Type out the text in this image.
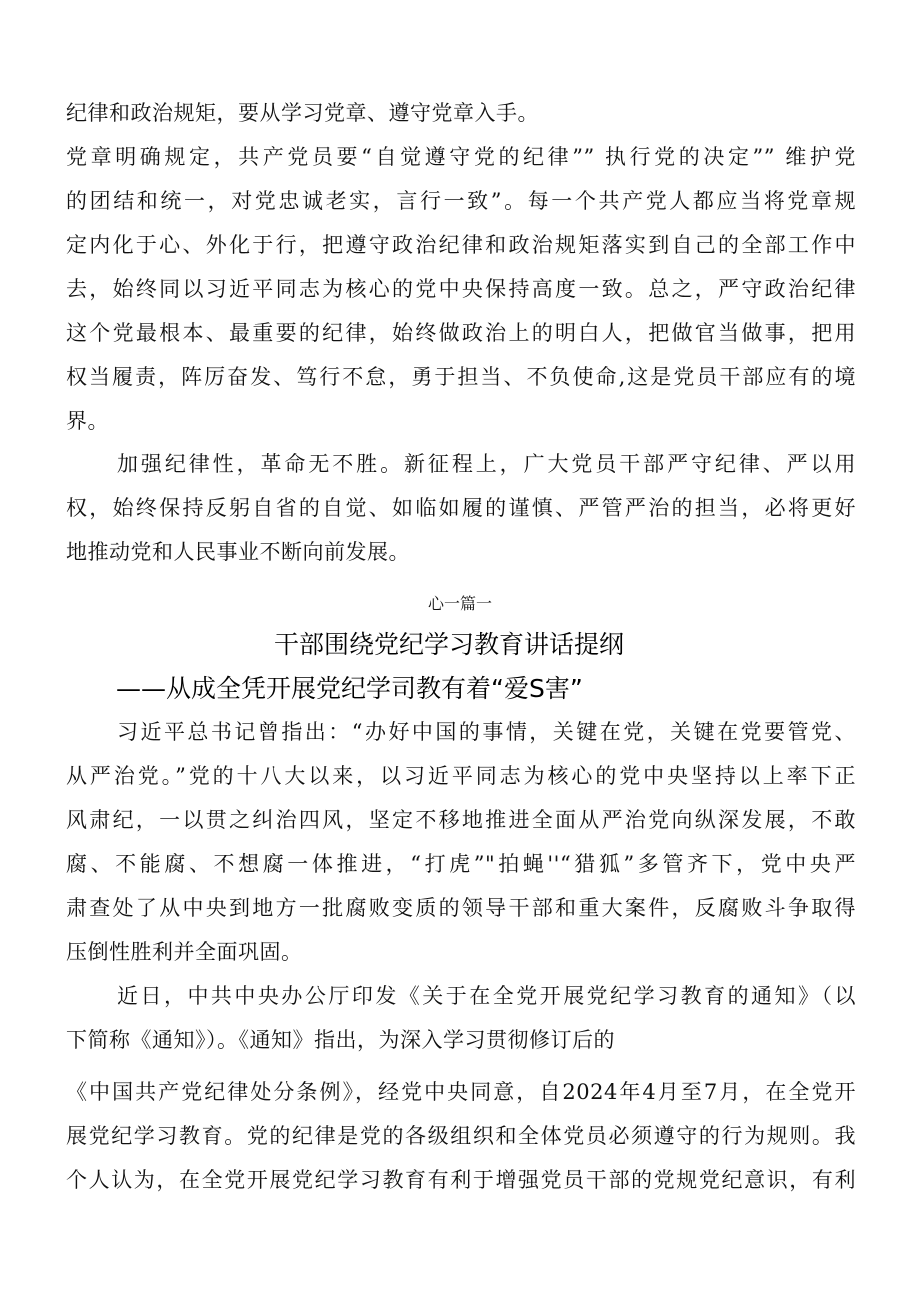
纪律和政治规矩，要从学习党章、遵守党章入手。
党章明确规定，共产党员要“自觉遵守党的纪律”” 执行党的决定”” 维护党
的团结和统一，对党忠诚老实，言行一致”。每一个共产党人都应当将党章规
定内化于心、外化于行，把遵守政治纪律和政治规矩落实到自己的全部工作中
去，始终同以习近平同志为核心的党中央保持高度一致。总之，严守政治纪律
这个党最根本、最重要的纪律，始终做政治上的明白人，把做官当做事，把用
权当履责，阵厉奋发、笃行不怠，勇于担当、不负使命,这是党员干部应有的境
界。
加强纪律性，革命无不胜。新征程上，广大党员干部严守纪律、严以用
权，始终保持反躬自省的自觉、如临如履的谨慎、严管严治的担当，必将更好
地推动党和人民事业不断向前发展。
心一篇一
干部围绕党纪学习教育讲话提纲
——从成全凭开展党纪学司教有着“爱S害”
习近平总书记曾指出：“办好中国的事情，关键在党，关键在党要管党、
从严治党。”党的十八大以来，以习近平同志为核心的党中央坚持以上率下正
风肃纪，一以贯之纠治四风，坚定不移地推进全面从严治党向纵深发展，不敢
腐、不能腐、不想腐一体推进，“打虎”"拍蝇''“猎狐”多管齐下，党中央严
肃查处了从中央到地方一批腐败变质的领导干部和重大案件，反腐败斗争取得
压倒性胜利并全面巩固。
近日，中共中央办公厅印发《关于在全党开展党纪学习教育的通知》（以
下简称《通知》）。《通知》指出，为深入学习贯彻修订后的
《中国共产党纪律处分条例》，经党中央同意，自2024年4月至7月，在全党开
展党纪学习教育。党的纪律是党的各级组织和全体党员必须遵守的行为规则。我
个人认为，在全党开展党纪学习教育有利于增强党员干部的党规党纪意识，有利
